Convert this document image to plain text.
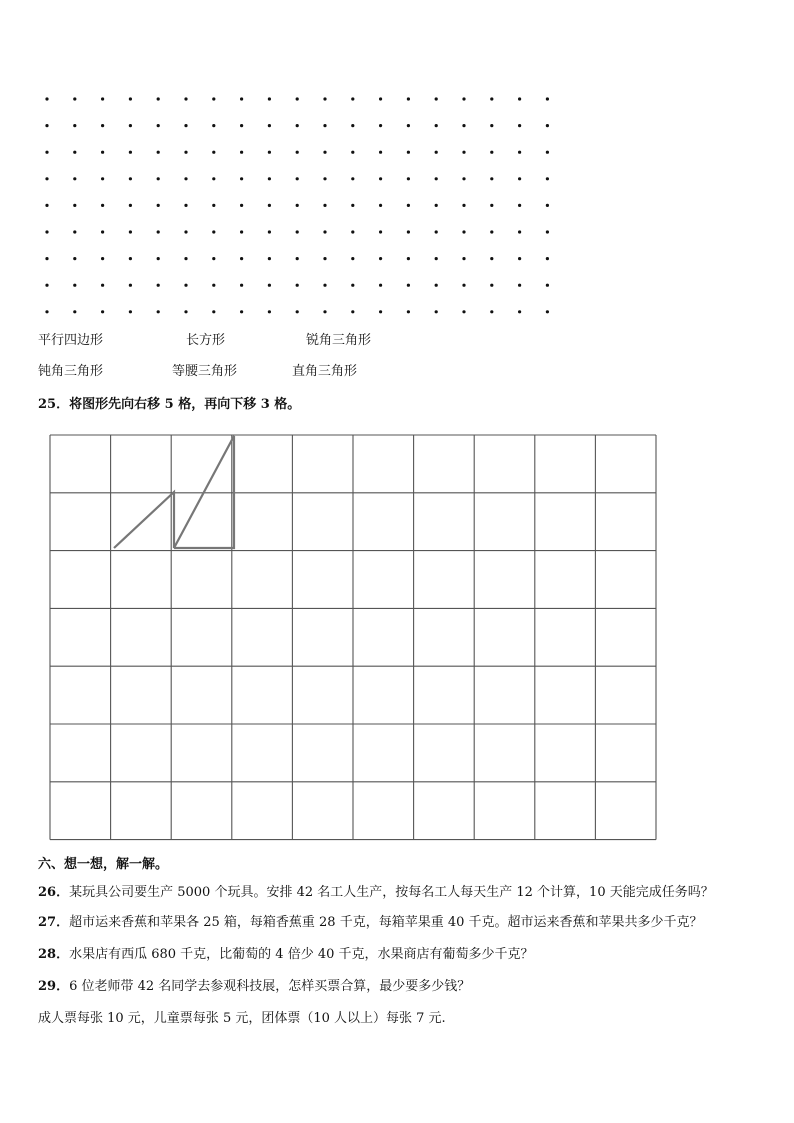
平行四边形	长方形	锐角三角形
钝角三角形	等腰三角形	直角三角形
25．将图形先向右移 5 格，再向下移 3 格。
六、想一想，解一解。
26．某玩具公司要生产 5000 个玩具。安排 42 名工人生产，按每名工人每天生产 12 个计算，10 天能完成任务吗？
27．超市运来香蕉和苹果各 25 箱，每箱香蕉重 28 千克，每箱苹果重 40 千克。超市运来香蕉和苹果共多少千克？
28．水果店有西瓜 680 千克，比葡萄的 4 倍少 40 千克，水果商店有葡萄多少千克？
29．6 位老师带 42 名同学去参观科技展，怎样买票合算，最少要多少钱？
成人票每张 10 元，儿童票每张 5 元，团体票（10 人以上）每张 7 元.
